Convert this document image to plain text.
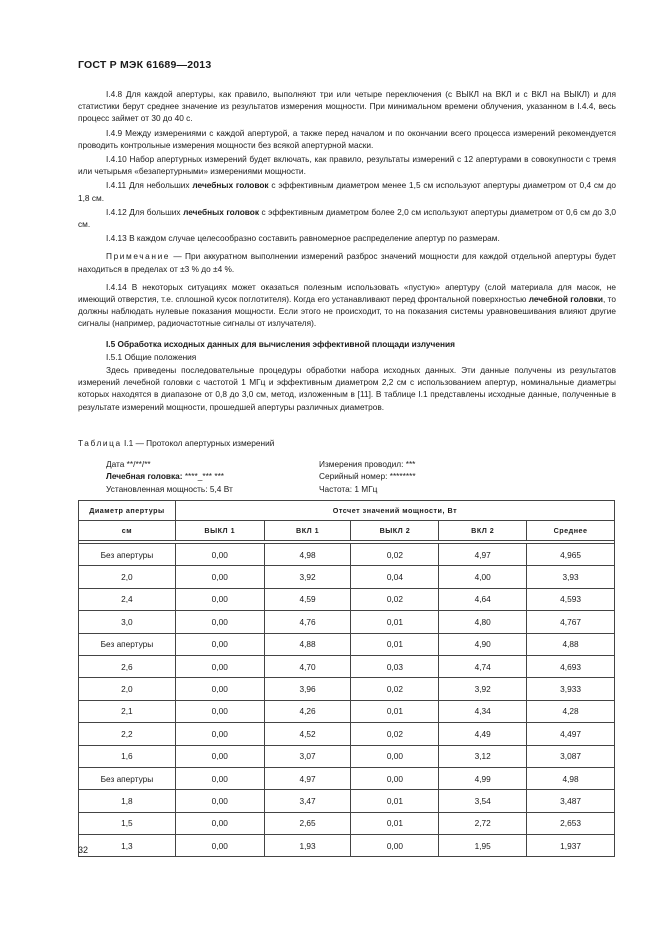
ГОСТ Р МЭК 61689—2013

I.4.8 Для каждой апертуры, как правило, выполняют три или четыре переключения (с ВЫКЛ на ВКЛ и с ВКЛ на ВЫКЛ) и для статистики берут среднее значение из результатов измерения мощности. При минимальном времени облучения, указанном в I.4.4, весь процесс займет от 30 до 40 с.

I.4.9 Между измерениями с каждой апертурой, а также перед началом и по окончании всего процесса измерений рекомендуется проводить контрольные измерения мощности без всякой апертурной маски.

I.4.10 Набор апертурных измерений будет включать, как правило, результаты измерений с 12 апертурами в совокупности с тремя или четырьмя «безапертурными» измерениями мощности.

I.4.11 Для небольших лечебных головок с эффективным диаметром менее 1,5 см используют апертуры диаметром от 0,4 см до 1,8 см.

I.4.12 Для больших лечебных головок с эффективным диаметром более 2,0 см используют апертуры диаметром от 0,6 см до 3,0 см.

I.4.13 В каждом случае целесообразно составить равномерное распределение апертур по размерам.

Примечание — При аккуратном выполнении измерений разброс значений мощности для каждой отдельной апертуры будет находиться в пределах от ±3 % до ±4 %.

I.4.14 В некоторых ситуациях может оказаться полезным использовать «пустую» апертуру (слой материала для масок, не имеющий отверстия, т.е. сплошной кусок поглотителя). Когда его устанавливают перед фронтальной поверхностью лечебной головки, то должны наблюдать нулевые показания мощности. Если этого не происходит, то на показания системы уравновешивания влияют другие сигналы (например, радиочастотные сигналы от излучателя).

I.5 Обработка исходных данных для вычисления эффективной площади излучения

I.5.1 Общие положения

Здесь приведены последовательные процедуры обработки набора исходных данных. Эти данные получены из результатов измерений лечебной головки с частотой 1 МГц и эффективным диаметром 2,2 см с использованием апертур, номинальные диаметры которых находятся в диапазоне от 0,8 до 3,0 см, метод, изложенным в [11]. В таблице I.1 представлены исходные данные, полученные в результате измерений мощности, прошедшей апертуры различных диаметров.

Таблица I.1 — Протокол апертурных измерений
Дата **/**/**
Лечебная головка: ****_*** ***
Установленная мощность: 5,4 Вт
Измерения проводил: ***
Серийный номер: ********
Частота: 1 МГц
Диаметр апертуры	Отсчет значений мощности, Вт				
см	ВЫКЛ 1	ВКЛ 1	ВЫКЛ 2	ВКЛ 2	Среднее

Без апертуры	0,00	4,98	0,02	4,97	4,965
2,0	0,00	3,92	0,04	4,00	3,93
2,4	0,00	4,59	0,02	4,64	4,593
3,0	0,00	4,76	0,01	4,80	4,767
Без апертуры	0,00	4,88	0,01	4,90	4,88
2,6	0,00	4,70	0,03	4,74	4,693
2,0	0,00	3,96	0,02	3,92	3,933
2,1	0,00	4,26	0,01	4,34	4,28
2,2	0,00	4,52	0,02	4,49	4,497
1,6	0,00	3,07	0,00	3,12	3,087
Без апертуры	0,00	4,97	0,00	4,99	4,98
1,8	0,00	3,47	0,01	3,54	3,487
1,5	0,00	2,65	0,01	2,72	2,653
1,3	0,00	1,93	0,00	1,95	1,937
32
